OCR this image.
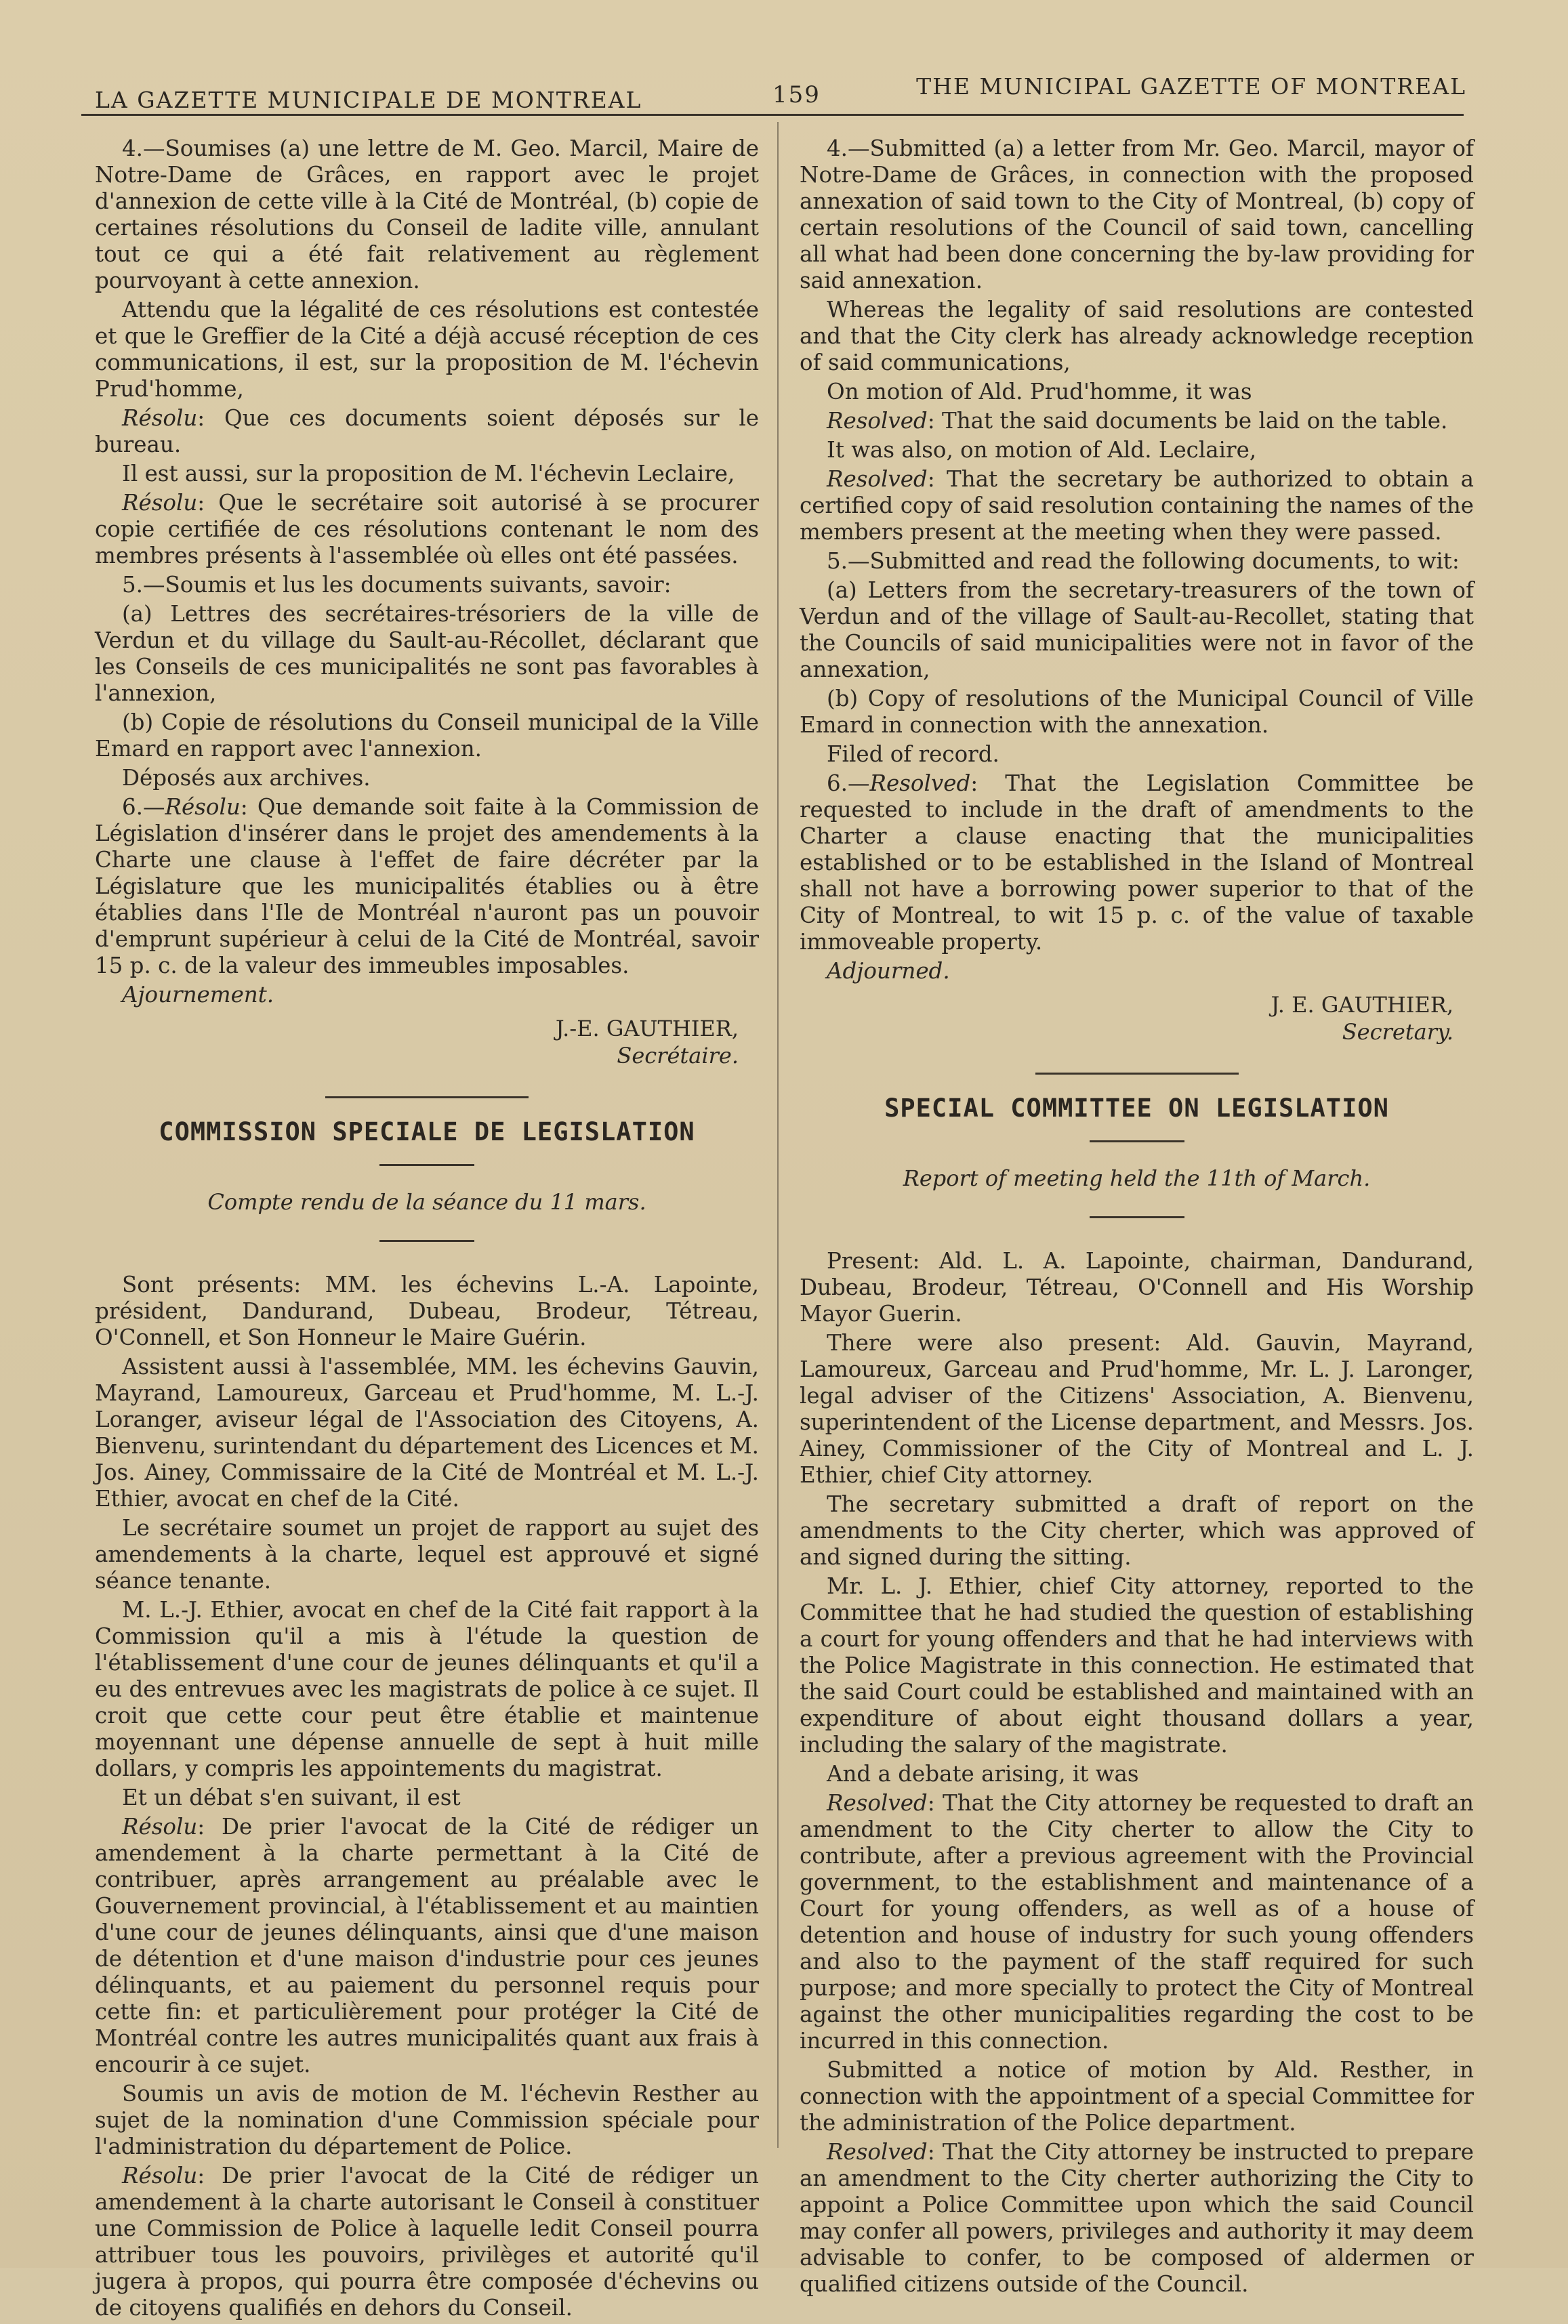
LA GAZETTE MUNICIPALE DE MONTREAL	159	THE MUNICIPAL GAZETTE OF MONTREAL

4.—Soumises (a) une lettre de M. Geo. Marcil, Maire de Notre-Dame de Grâces, en rapport avec le projet d'annexion de cette ville à la Cité de Montréal, (b) copie de certaines résolutions du Conseil de ladite ville, annulant tout ce qui a été fait relativement au règlement pourvoyant à cette annexion.

Attendu que la légalité de ces résolutions est contestée et que le Greffier de la Cité a déjà accusé réception de ces communications, il est, sur la proposition de M. l'échevin Prud'homme,

Résolu: Que ces documents soient déposés sur le bureau.

Il est aussi, sur la proposition de M. l'échevin Leclaire,

Résolu: Que le secrétaire soit autorisé à se procurer copie certifiée de ces résolutions contenant le nom des membres présents à l'assemblée où elles ont été passées.

5.—Soumis et lus les documents suivants, savoir:

(a) Lettres des secrétaires-trésoriers de la ville de Verdun et du village du Sault-au-Récollet, déclarant que les Conseils de ces municipalités ne sont pas favorables à l'annexion,

(b) Copie de résolutions du Conseil municipal de la Ville Emard en rapport avec l'annexion.

Déposés aux archives.

6.—Résolu: Que demande soit faite à la Commission de Législation d'insérer dans le projet des amendements à la Charte une clause à l'effet de faire décréter par la Législature que les municipalités établies ou à être établies dans l'Ile de Montréal n'auront pas un pouvoir d'emprunt supérieur à celui de la Cité de Montréal, savoir 15 p. c. de la valeur des immeubles imposables.

Ajournement.

J.-E. GAUTHIER,
Secrétaire.
COMMISSION SPECIALE DE LEGISLATION
Compte rendu de la séance du 11 mars.

Sont présents: MM. les échevins L.-A. Lapointe, président, Dandurand, Dubeau, Brodeur, Tétreau, O'Connell, et Son Honneur le Maire Guérin.

Assistent aussi à l'assemblée, MM. les échevins Gauvin, Mayrand, Lamoureux, Garceau et Prud'homme, M. L.-J. Loranger, aviseur légal de l'Association des Citoyens, A. Bienvenu, surintendant du département des Licences et M. Jos. Ainey, Commissaire de la Cité de Montréal et M. L.-J. Ethier, avocat en chef de la Cité.

Le secrétaire soumet un projet de rapport au sujet des amendements à la charte, lequel est approuvé et signé séance tenante.

M. L.-J. Ethier, avocat en chef de la Cité fait rapport à la Commission qu'il a mis à l'étude la question de l'établissement d'une cour de jeunes délinquants et qu'il a eu des entrevues avec les magistrats de police à ce sujet. Il croit que cette cour peut être établie et maintenue moyennant une dépense annuelle de sept à huit mille dollars, y compris les appointements du magistrat.

Et un débat s'en suivant, il est

Résolu: De prier l'avocat de la Cité de rédiger un amendement à la charte permettant à la Cité de contribuer, après arrangement au préalable avec le Gouvernement provincial, à l'établissement et au maintien d'une cour de jeunes délinquants, ainsi que d'une maison de détention et d'une maison d'industrie pour ces jeunes délinquants, et au paiement du personnel requis pour cette fin: et particulièrement pour protéger la Cité de Montréal contre les autres municipalités quant aux frais à encourir à ce sujet.

Soumis un avis de motion de M. l'échevin Resther au sujet de la nomination d'une Commission spéciale pour l'administration du département de Police.

Résolu: De prier l'avocat de la Cité de rédiger un amendement à la charte autorisant le Conseil à constituer une Commission de Police à laquelle ledit Conseil pourra attribuer tous les pouvoirs, privilèges et autorité qu'il jugera à propos, qui pourra être composée d'échevins ou de citoyens qualifiés en dehors du Conseil.

4.—Submitted (a) a letter from Mr. Geo. Marcil, mayor of Notre-Dame de Grâces, in connection with the proposed annexation of said town to the City of Montreal, (b) copy of certain resolutions of the Council of said town, cancelling all what had been done concerning the by-law providing for said annexation.

Whereas the legality of said resolutions are contested and that the City clerk has already acknowledge reception of said communications,

On motion of Ald. Prud'homme, it was

Resolved: That the said documents be laid on the table.

It was also, on motion of Ald. Leclaire,

Resolved: That the secretary be authorized to obtain a certified copy of said resolution containing the names of the members present at the meeting when they were passed.

5.—Submitted and read the following documents, to wit:

(a) Letters from the secretary-treasurers of the town of Verdun and of the village of Sault-au-Recollet, stating that the Councils of said municipalities were not in favor of the annexation,

(b) Copy of resolutions of the Municipal Council of Ville Emard in connection with the annexation.

Filed of record.

6.—Resolved: That the Legislation Committee be requested to include in the draft of amendments to the Charter a clause enacting that the municipalities established or to be established in the Island of Montreal shall not have a borrowing power superior to that of the City of Montreal, to wit 15 p. c. of the value of taxable immoveable property.

Adjourned.

J. E. GAUTHIER,
Secretary.
SPECIAL COMMITTEE ON LEGISLATION
Report of meeting held the 11th of March.

Present: Ald. L. A. Lapointe, chairman, Dandurand, Dubeau, Brodeur, Tétreau, O'Connell and His Worship Mayor Guerin.

There were also present: Ald. Gauvin, Mayrand, Lamoureux, Garceau and Prud'homme, Mr. L. J. Laronger, legal adviser of the Citizens' Association, A. Bienvenu, superintendent of the License department, and Messrs. Jos. Ainey, Commissioner of the City of Montreal and L. J. Ethier, chief City attorney.

The secretary submitted a draft of report on the amendments to the City cherter, which was approved of and signed during the sitting.

Mr. L. J. Ethier, chief City attorney, reported to the Committee that he had studied the question of establishing a court for young offenders and that he had interviews with the Police Magistrate in this connection. He estimated that the said Court could be established and maintained with an expenditure of about eight thousand dollars a year, including the salary of the magistrate.

And a debate arising, it was

Resolved: That the City attorney be requested to draft an amendment to the City cherter to allow the City to contribute, after a previous agreement with the Provincial government, to the establishment and maintenance of a Court for young offenders, as well as of a house of detention and house of industry for such young offenders and also to the payment of the staff required for such purpose; and more specially to protect the City of Montreal against the other municipalities regarding the cost to be incurred in this connection.

Submitted a notice of motion by Ald. Resther, in connection with the appointment of a special Committee for the administration of the Police department.

Resolved: That the City attorney be instructed to prepare an amendment to the City cherter authorizing the City to appoint a Police Committee upon which the said Council may confer all powers, privileges and authority it may deem advisable to confer, to be composed of aldermen or qualified citizens outside of the Council.
